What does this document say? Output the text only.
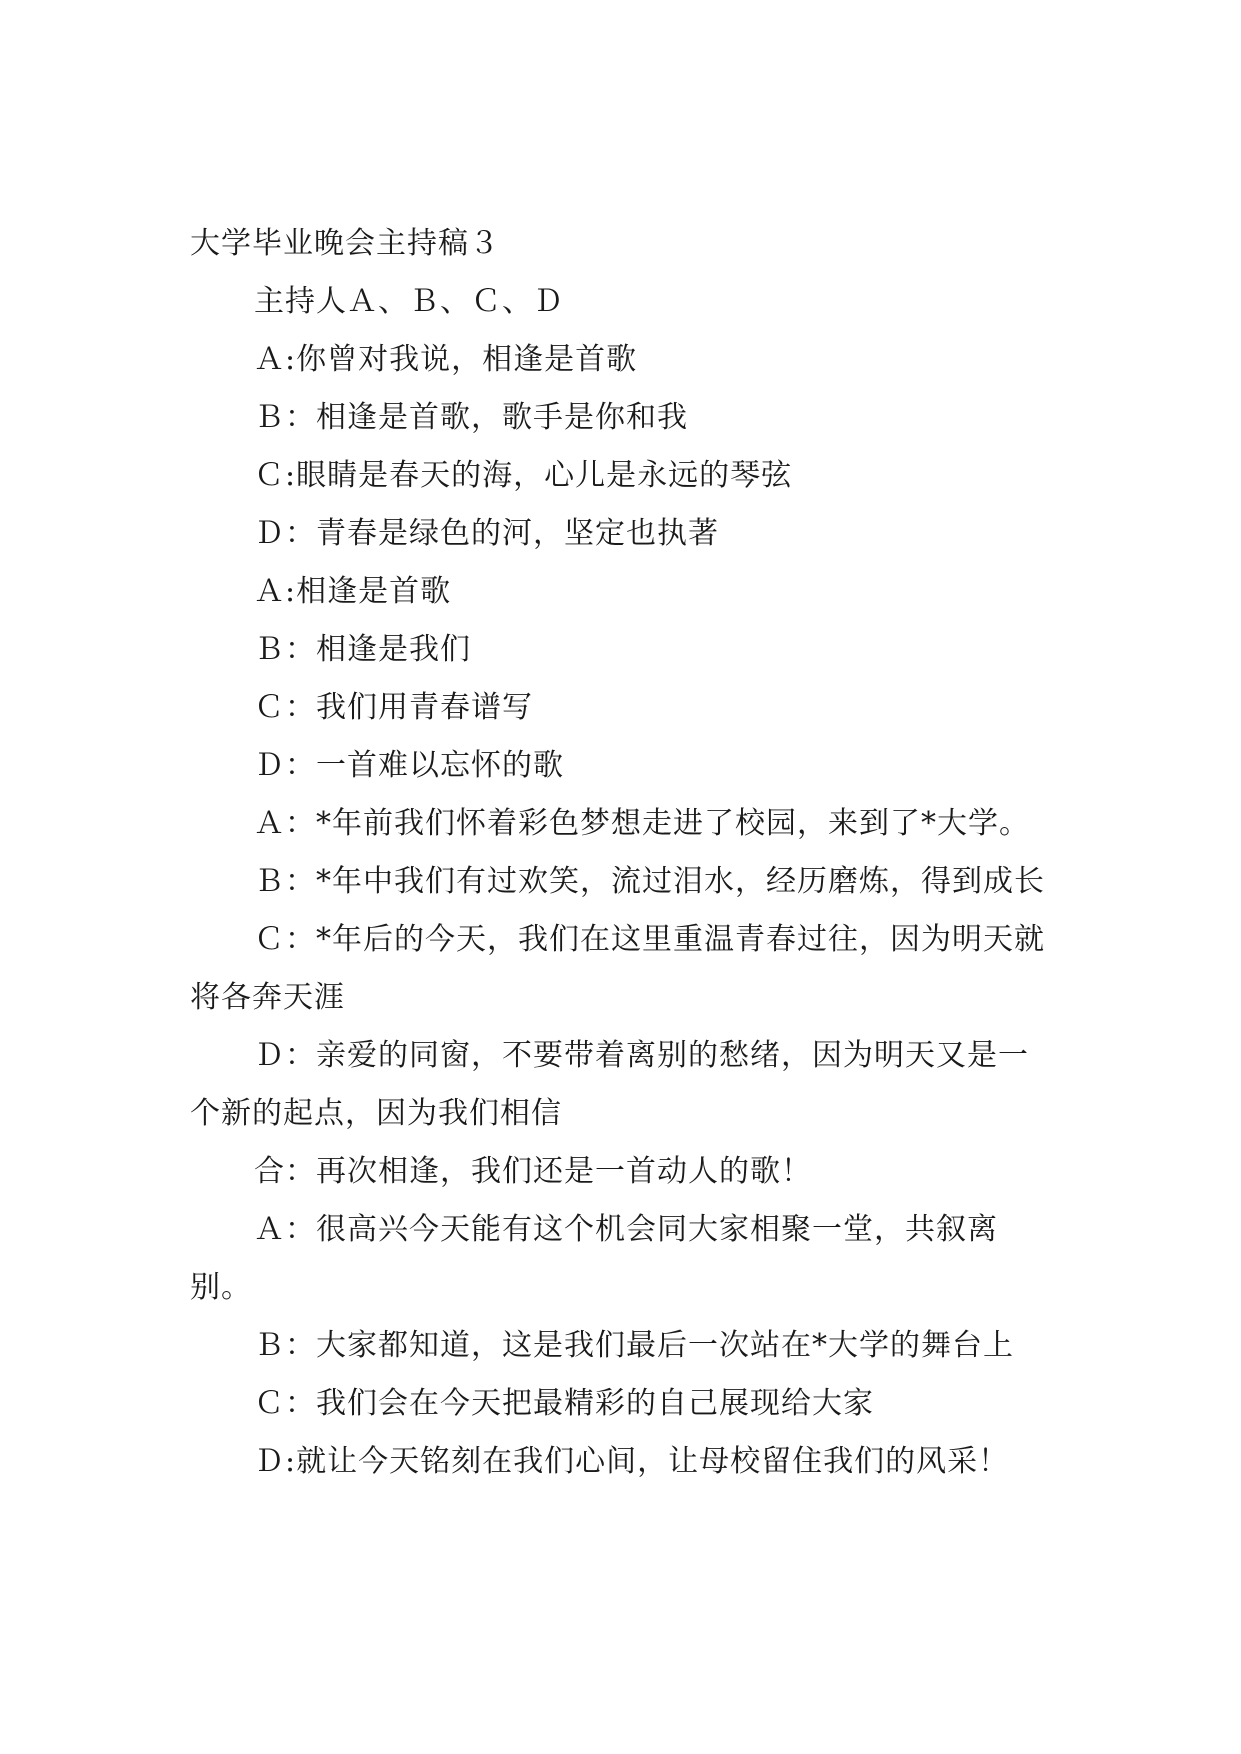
大学毕业晚会主持稿３

主持人Ａ、Ｂ、Ｃ、Ｄ

Ａ:你曾对我说，相逢是首歌

Ｂ：相逢是首歌，歌手是你和我

Ｃ:眼睛是春天的海，心儿是永远的琴弦

Ｄ：青春是绿色的河，坚定也执著

Ａ:相逢是首歌

Ｂ：相逢是我们

Ｃ：我们用青春谱写

Ｄ：一首难以忘怀的歌

Ａ：*年前我们怀着彩色梦想走进了校园，来到了*大学。

Ｂ：*年中我们有过欢笑，流过泪水，经历磨炼，得到成长

Ｃ：*年后的今天，我们在这里重温青春过往，因为明天就将各奔天涯

Ｄ：亲爱的同窗，不要带着离别的愁绪，因为明天又是一个新的起点，因为我们相信

合：再次相逢，我们还是一首动人的歌！

Ａ：很高兴今天能有这个机会同大家相聚一堂，共叙离别。

Ｂ：大家都知道，这是我们最后一次站在*大学的舞台上

Ｃ：我们会在今天把最精彩的自己展现给大家

Ｄ:就让今天铭刻在我们心间，让母校留住我们的风采！
